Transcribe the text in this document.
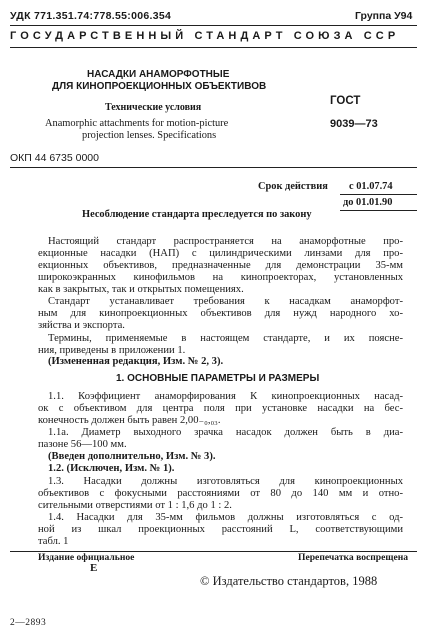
УДК 771.351.74:778.55:006.354	Группа У94
ГОСУДАРСТВЕННЫЙ СТАНДАРТ СОЮЗА ССР
НАСАДКИ АНАМОРФОТНЫЕ
ДЛЯ КИНОПРОЕКЦИОННЫХ ОБЪЕКТИВОВ
Технические условия
Anamorphic attachments for motion-picture
projection lenses. Specifications
ГОСТ
9039—73
ОКП 44 6735 0000
Срок действия с 01.07.74
до 01.01.90
Несоблюдение стандарта преследуется по закону
Настоящий стандарт распространяется на анаморфотные про-
екционные насадки (НАП) с цилиндрическими линзами для про-
екционных объективов, предназначенные для демонстрации 35-мм
широкоэкранных кинофильмов на кинопроекторах, установленных
как в закрытых, так и открытых помещениях.
Стандарт устанавливает требования к насадкам анаморфот-
ным для кинопроекционных объективов для нужд народного хо-
зяйства и экспорта.
Термины, применяемые в настоящем стандарте, и их поясне-
ния, приведены в приложении 1.
(Измененная редакция, Изм. № 2, 3).
1. ОСНОВНЫЕ ПАРАМЕТРЫ И РАЗМЕРЫ
1.1. Коэффициент анаморфирования К кинопроекционных насад-
ок с объективом для центра поля при установке насадки на бес-
конечность должен быть равен 2,00₋₀,₀₃.
1.1а. Диаметр выходного зрачка насадок должен быть в диа-
пазоне 56—100 мм.
(Введен дополнительно, Изм. № 3).
1.2. (Исключен, Изм. № 1).
1.3. Насадки должны изготовляться для кинопроекционных
объективов с фокусными расстояниями от 80 до 140 мм и отно-
сительными отверстиями от 1 : 1,6 до 1 : 2.
1.4. Насадки для 35-мм фильмов должны изготовляться с од-
ной из шкал проекционных расстояний L, соответствующими
табл. 1
Издание официальное	Перепечатка воспрещена
Е
© Издательство стандартов, 1988
2—2893
